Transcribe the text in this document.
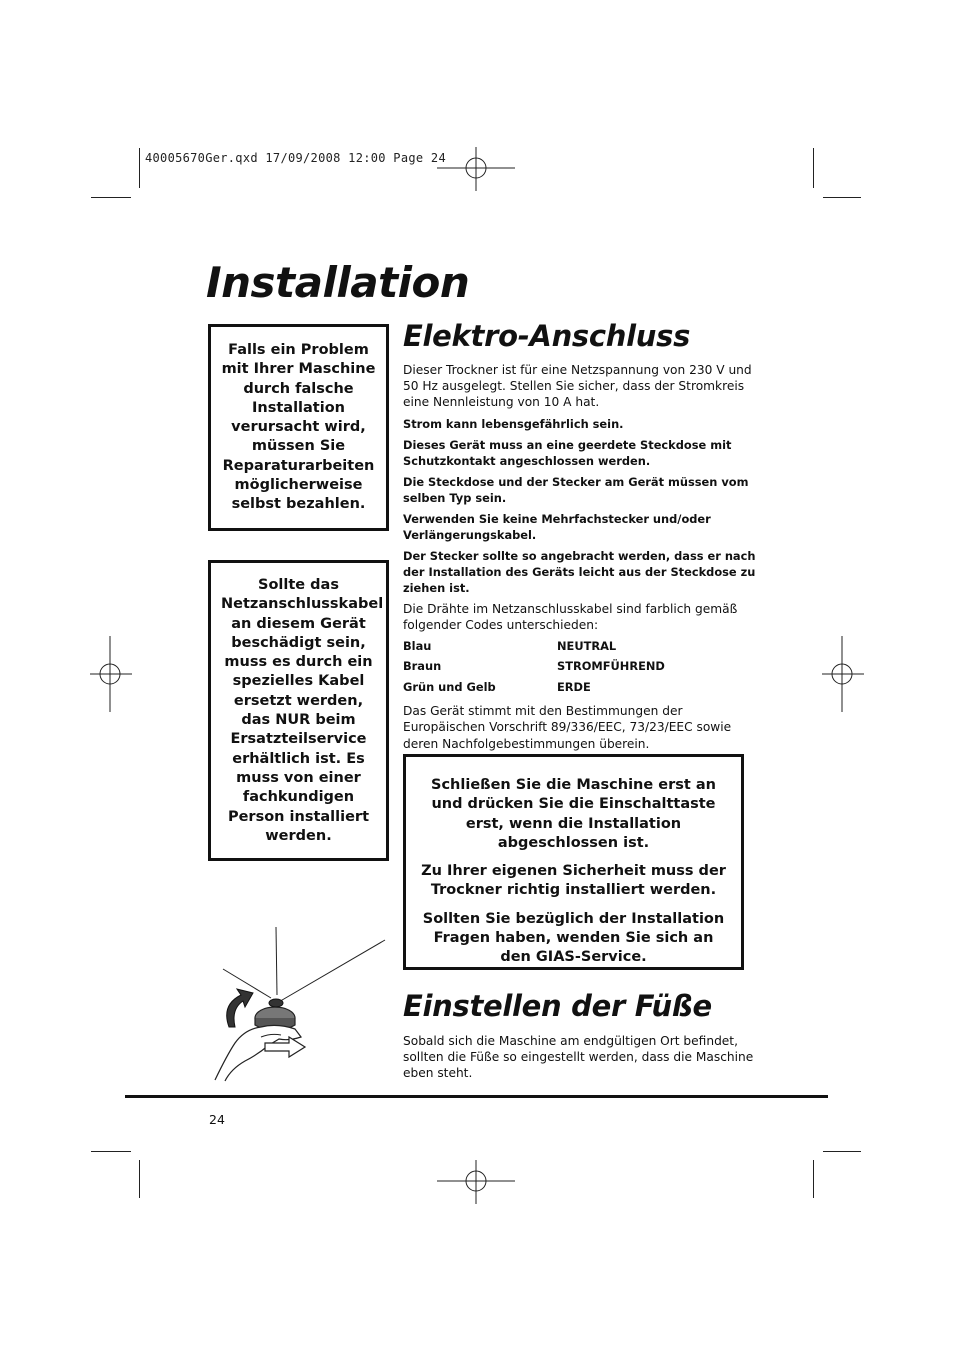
40005670Ger.qxd 17/09/2008 12:00 Page 24
Installation
Falls ein Problem mit Ihrer Maschine durch falsche Installation verursacht wird, müssen Sie Reparaturarbeiten möglicherweise selbst bezahlen.
Sollte das Netzanschlusskabel an diesem Gerät beschädigt sein, muss es durch ein spezielles Kabel ersetzt werden, das NUR beim Ersatzteilservice erhältlich ist. Es muss von einer fachkundigen Person installiert werden.
Elektro-Anschluss

Dieser Trockner ist für eine Netzspannung von 230 V und 50 Hz ausgelegt. Stellen Sie sicher, dass der Stromkreis eine Nennleistung von 10 A hat.

Strom kann lebensgefährlich sein.

Dieses Gerät muss an eine geerdete Steckdose mit Schutzkontakt angeschlossen werden.

Die Steckdose und der Stecker am Gerät müssen vom selben Typ sein.

Verwenden Sie keine Mehrfachstecker und/oder Verlängerungskabel.

Der Stecker sollte so angebracht werden, dass er nach der Installation des Geräts leicht aus der Steckdose zu ziehen ist.

Die Drähte im Netzanschlusskabel sind farblich gemäß folgender Codes unterschieden:

Blau	NEUTRAL
Braun	STROMFÜHREND
Grün und Gelb	ERDE

Das Gerät stimmt mit den Bestimmungen der Europäischen Vorschrift 89/336/EEC, 73/23/EEC sowie deren Nachfolgebestimmungen überein.

Schließen Sie die Maschine erst an und drücken Sie die Einschalttaste erst, wenn die Installation abgeschlossen ist.

Zu Ihrer eigenen Sicherheit muss der Trockner richtig installiert werden.

Sollten Sie bezüglich der Installation Fragen haben, wenden Sie sich an den GIAS-Service.

Einstellen der Füße

Sobald sich die Maschine am endgültigen Ort befindet, sollten die Füße so eingestellt werden, dass die Maschine eben steht.

24
